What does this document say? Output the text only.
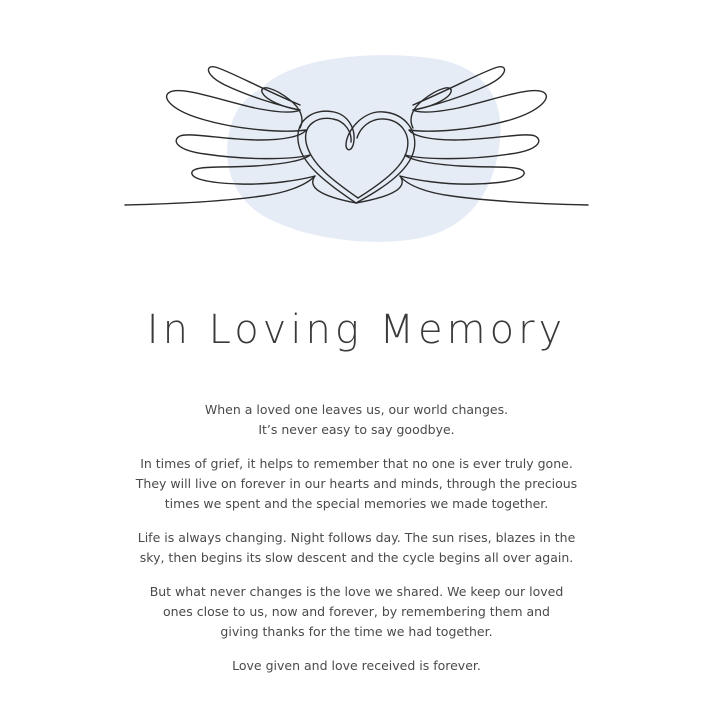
In Loving Memory

When a loved one leaves us, our world changes.
It’s never easy to say goodbye.

In times of grief, it helps to remember that no one is ever truly gone.
They will live on forever in our hearts and minds, through the precious
times we spent and the special memories we made together.

Life is always changing. Night follows day. The sun rises, blazes in the
sky, then begins its slow descent and the cycle begins all over again.

But what never changes is the love we shared. We keep our loved
ones close to us, now and forever, by remembering them and
giving thanks for the time we had together.

Love given and love received is forever.
